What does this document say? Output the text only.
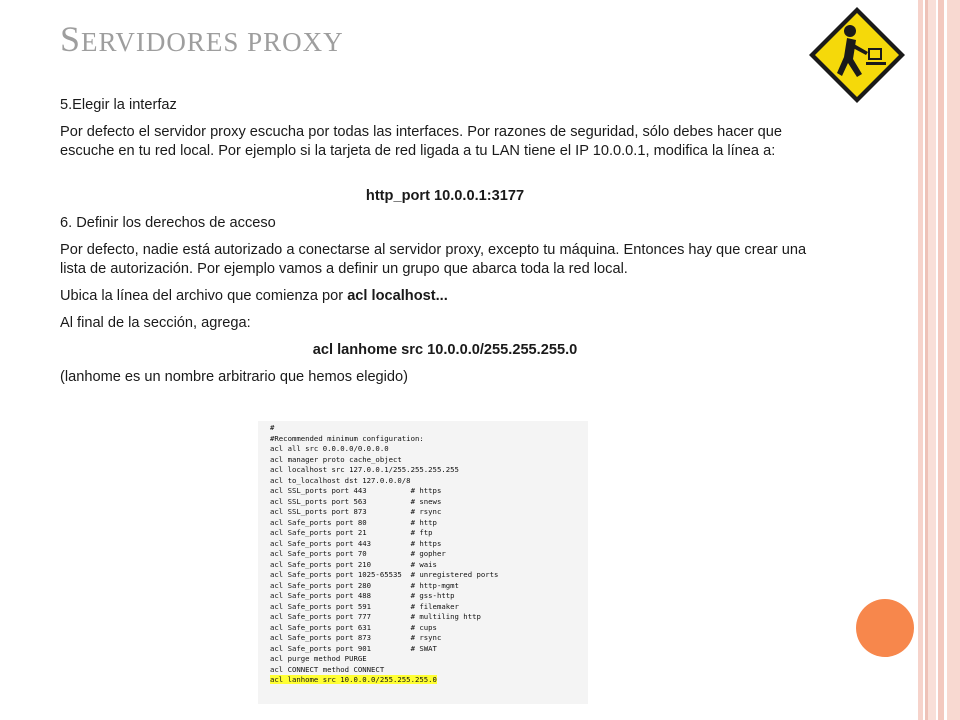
SERVIDORES PROXY

5.Elegir la interfaz

Por defecto el servidor proxy escucha por todas las interfaces. Por razones de seguridad, sólo debes hacer que escuche en tu red local. Por ejemplo si la tarjeta de red ligada a tu LAN tiene el IP 10.0.0.1, modifica la línea a:

http_port 10.0.0.1:3177

6. Definir los derechos de acceso

Por defecto, nadie está autorizado a conectarse al servidor proxy, excepto tu máquina. Entonces hay que crear una lista de autorización. Por ejemplo vamos a definir un grupo que abarca toda la red local.

Ubica la línea del archivo que comienza por acl localhost...

Al final de la sección, agrega:

acl lanhome src 10.0.0.0/255.255.255.0

(lanhome es un nombre arbitrario que hemos elegido)

#
#Recommended minimum configuration:
acl all src 0.0.0.0/0.0.0.0
acl manager proto cache_object
acl localhost src 127.0.0.1/255.255.255.255
acl to_localhost dst 127.0.0.0/8
acl SSL_ports port 443          # https
acl SSL_ports port 563          # snews
acl SSL_ports port 873          # rsync
acl Safe_ports port 80          # http
acl Safe_ports port 21          # ftp
acl Safe_ports port 443         # https
acl Safe_ports port 70          # gopher
acl Safe_ports port 210         # wais
acl Safe_ports port 1025-65535  # unregistered ports
acl Safe_ports port 280         # http-mgmt
acl Safe_ports port 488         # gss-http
acl Safe_ports port 591         # filemaker
acl Safe_ports port 777         # multiling http
acl Safe_ports port 631         # cups
acl Safe_ports port 873         # rsync
acl Safe_ports port 901         # SWAT
acl purge method PURGE
acl CONNECT method CONNECT
acl lanhome src 10.0.0.0/255.255.255.0
